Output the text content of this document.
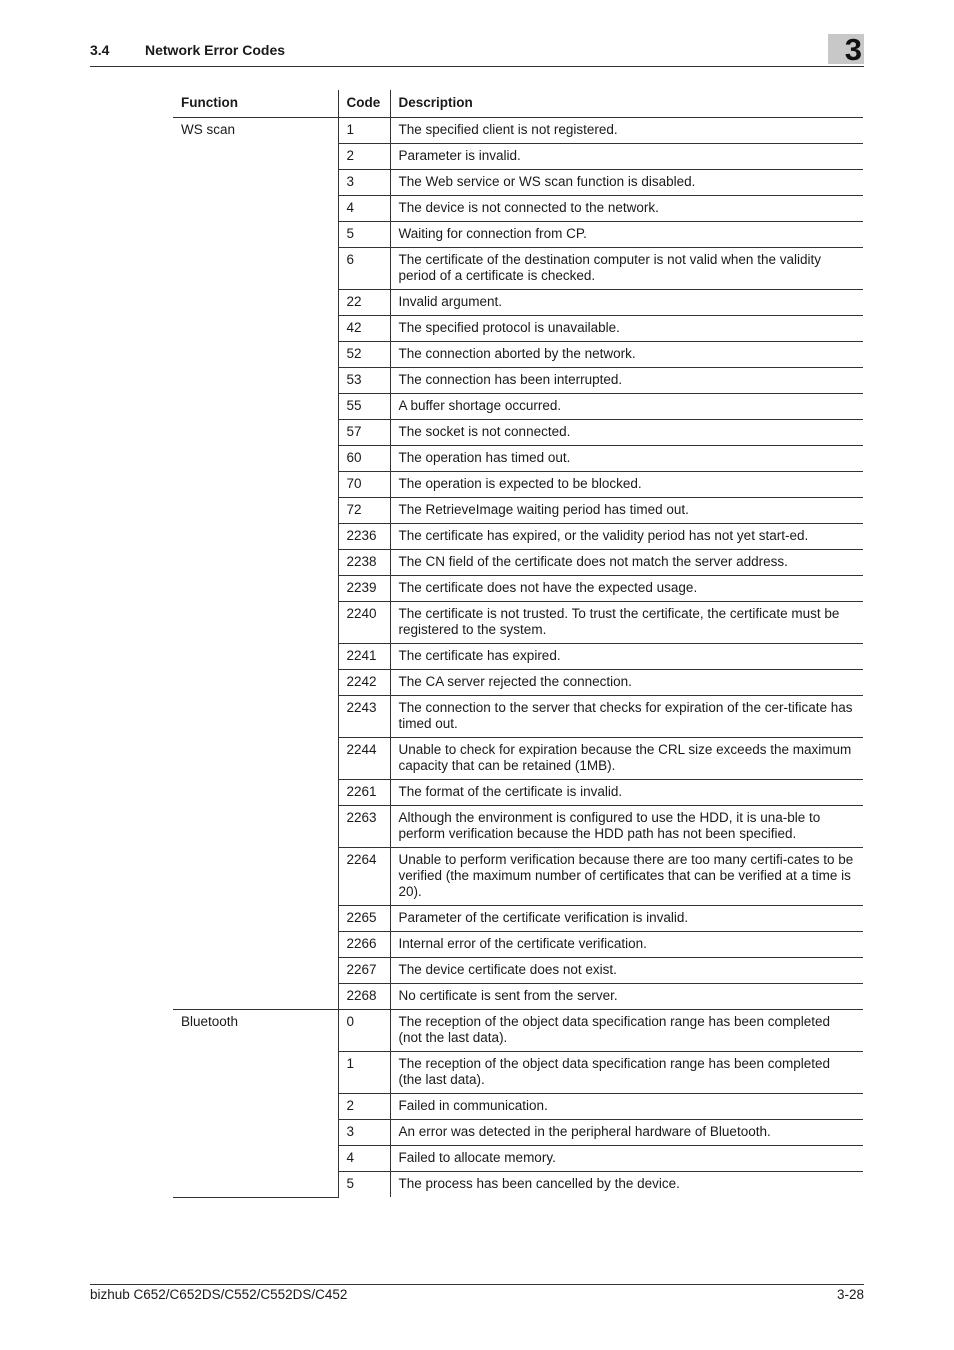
3.4	Network Error Codes	3
Function	Code	Description
WS scan	1	The specified client is not registered.
	2	Parameter is invalid.
	3	The Web service or WS scan function is disabled.
	4	The device is not connected to the network.
	5	Waiting for connection from CP.
	6	The certificate of the destination computer is not valid when the validity period of a certificate is checked.
	22	Invalid argument.
	42	The specified protocol is unavailable.
	52	The connection aborted by the network.
	53	The connection has been interrupted.
	55	A buffer shortage occurred.
	57	The socket is not connected.
	60	The operation has timed out.
	70	The operation is expected to be blocked.
	72	The RetrieveImage waiting period has timed out.
	2236	The certificate has expired, or the validity period has not yet start-ed.
	2238	The CN field of the certificate does not match the server address.
	2239	The certificate does not have the expected usage.
	2240	The certificate is not trusted. To trust the certificate, the certificate must be registered to the system.
	2241	The certificate has expired.
	2242	The CA server rejected the connection.
	2243	The connection to the server that checks for expiration of the cer-tificate has timed out.
	2244	Unable to check for expiration because the CRL size exceeds the maximum capacity that can be retained (1MB).
	2261	The format of the certificate is invalid.
	2263	Although the environment is configured to use the HDD, it is una-ble to perform verification because the HDD path has not been specified.
	2264	Unable to perform verification because there are too many certifi-cates to be verified (the maximum number of certificates that can be verified at a time is 20).
	2265	Parameter of the certificate verification is invalid.
	2266	Internal error of the certificate verification.
	2267	The device certificate does not exist.
	2268	No certificate is sent from the server.
Bluetooth	0	The reception of the object data specification range has been completed (not the last data).
	1	The reception of the object data specification range has been completed (the last data).
	2	Failed in communication.
	3	An error was detected in the peripheral hardware of Bluetooth.
	4	Failed to allocate memory.
	5	The process has been cancelled by the device.
bizhub C652/C652DS/C552/C552DS/C452	3-28
